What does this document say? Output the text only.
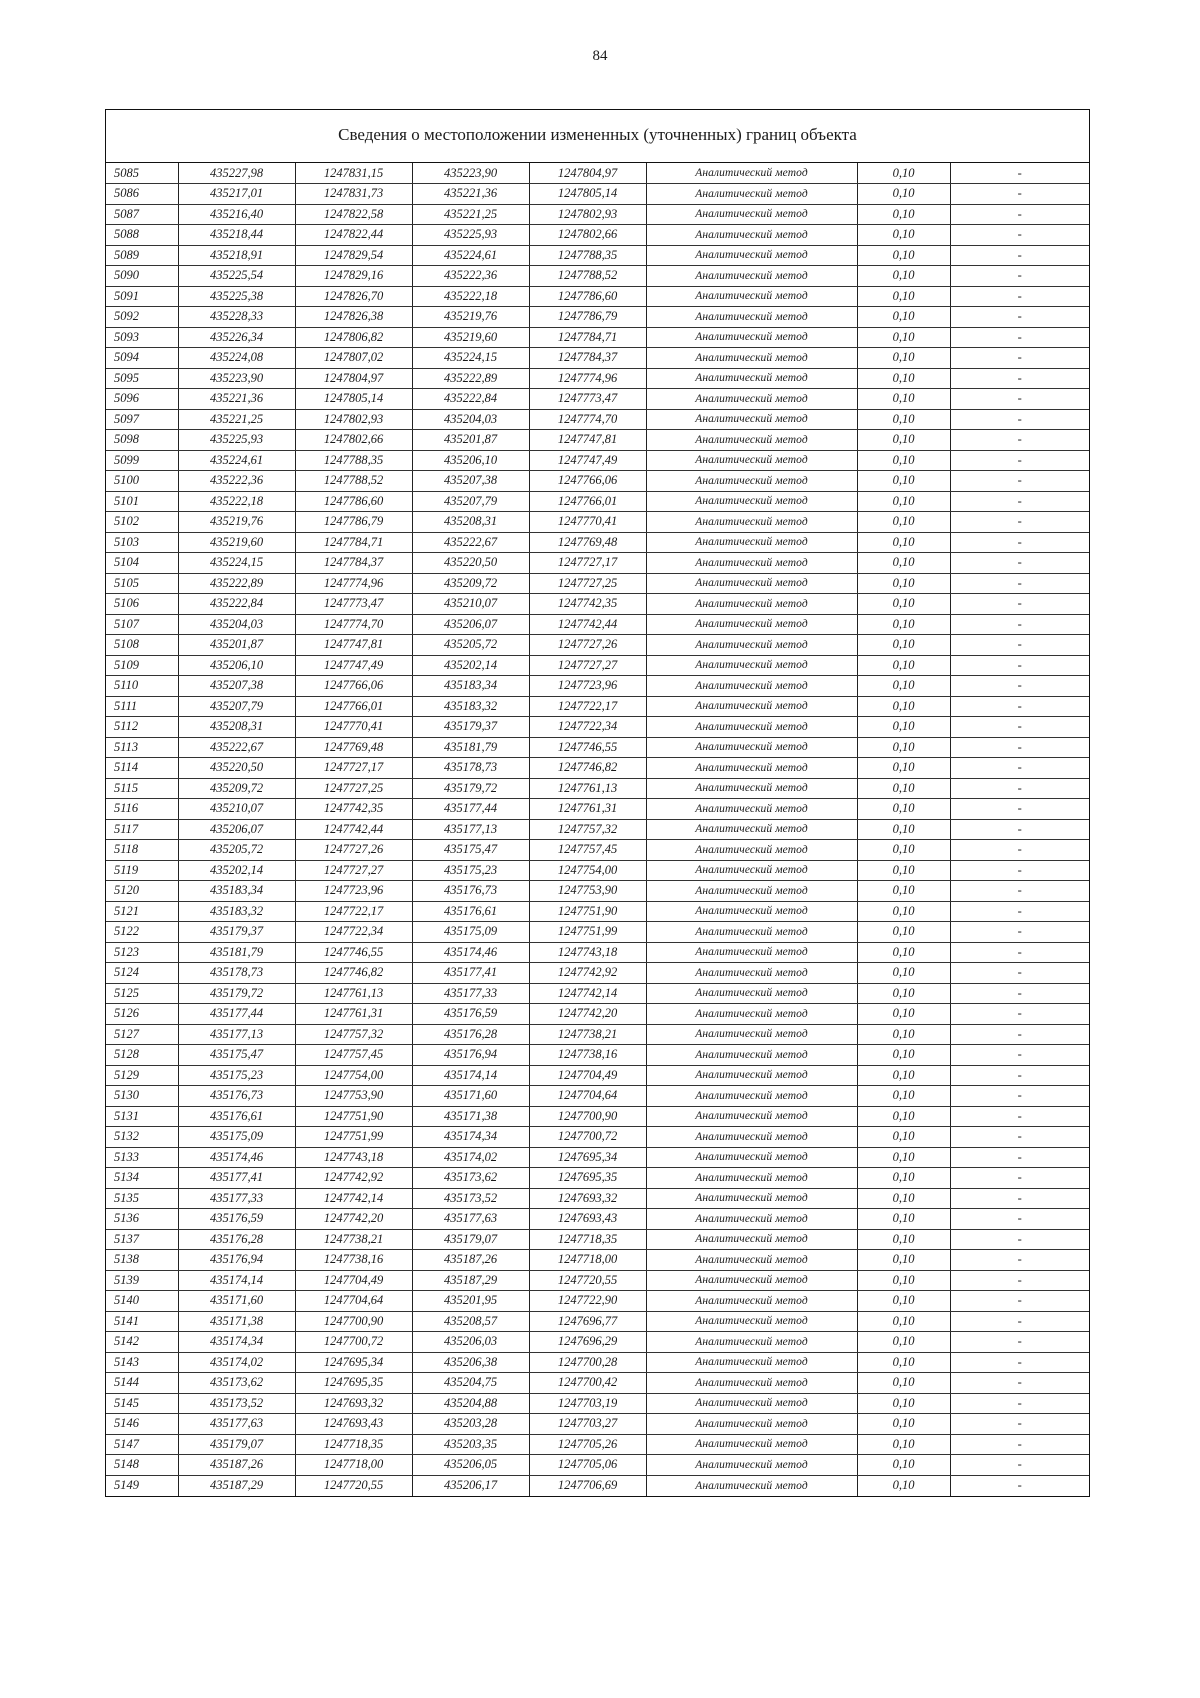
84
Сведения о местоположении измененных (уточненных) границ объекта
5085	435227,98	1247831,15	435223,90	1247804,97	Аналитический метод	0,10	-
5086	435217,01	1247831,73	435221,36	1247805,14	Аналитический метод	0,10	-
5087	435216,40	1247822,58	435221,25	1247802,93	Аналитический метод	0,10	-
5088	435218,44	1247822,44	435225,93	1247802,66	Аналитический метод	0,10	-
5089	435218,91	1247829,54	435224,61	1247788,35	Аналитический метод	0,10	-
5090	435225,54	1247829,16	435222,36	1247788,52	Аналитический метод	0,10	-
5091	435225,38	1247826,70	435222,18	1247786,60	Аналитический метод	0,10	-
5092	435228,33	1247826,38	435219,76	1247786,79	Аналитический метод	0,10	-
5093	435226,34	1247806,82	435219,60	1247784,71	Аналитический метод	0,10	-
5094	435224,08	1247807,02	435224,15	1247784,37	Аналитический метод	0,10	-
5095	435223,90	1247804,97	435222,89	1247774,96	Аналитический метод	0,10	-
5096	435221,36	1247805,14	435222,84	1247773,47	Аналитический метод	0,10	-
5097	435221,25	1247802,93	435204,03	1247774,70	Аналитический метод	0,10	-
5098	435225,93	1247802,66	435201,87	1247747,81	Аналитический метод	0,10	-
5099	435224,61	1247788,35	435206,10	1247747,49	Аналитический метод	0,10	-
5100	435222,36	1247788,52	435207,38	1247766,06	Аналитический метод	0,10	-
5101	435222,18	1247786,60	435207,79	1247766,01	Аналитический метод	0,10	-
5102	435219,76	1247786,79	435208,31	1247770,41	Аналитический метод	0,10	-
5103	435219,60	1247784,71	435222,67	1247769,48	Аналитический метод	0,10	-
5104	435224,15	1247784,37	435220,50	1247727,17	Аналитический метод	0,10	-
5105	435222,89	1247774,96	435209,72	1247727,25	Аналитический метод	0,10	-
5106	435222,84	1247773,47	435210,07	1247742,35	Аналитический метод	0,10	-
5107	435204,03	1247774,70	435206,07	1247742,44	Аналитический метод	0,10	-
5108	435201,87	1247747,81	435205,72	1247727,26	Аналитический метод	0,10	-
5109	435206,10	1247747,49	435202,14	1247727,27	Аналитический метод	0,10	-
5110	435207,38	1247766,06	435183,34	1247723,96	Аналитический метод	0,10	-
5111	435207,79	1247766,01	435183,32	1247722,17	Аналитический метод	0,10	-
5112	435208,31	1247770,41	435179,37	1247722,34	Аналитический метод	0,10	-
5113	435222,67	1247769,48	435181,79	1247746,55	Аналитический метод	0,10	-
5114	435220,50	1247727,17	435178,73	1247746,82	Аналитический метод	0,10	-
5115	435209,72	1247727,25	435179,72	1247761,13	Аналитический метод	0,10	-
5116	435210,07	1247742,35	435177,44	1247761,31	Аналитический метод	0,10	-
5117	435206,07	1247742,44	435177,13	1247757,32	Аналитический метод	0,10	-
5118	435205,72	1247727,26	435175,47	1247757,45	Аналитический метод	0,10	-
5119	435202,14	1247727,27	435175,23	1247754,00	Аналитический метод	0,10	-
5120	435183,34	1247723,96	435176,73	1247753,90	Аналитический метод	0,10	-
5121	435183,32	1247722,17	435176,61	1247751,90	Аналитический метод	0,10	-
5122	435179,37	1247722,34	435175,09	1247751,99	Аналитический метод	0,10	-
5123	435181,79	1247746,55	435174,46	1247743,18	Аналитический метод	0,10	-
5124	435178,73	1247746,82	435177,41	1247742,92	Аналитический метод	0,10	-
5125	435179,72	1247761,13	435177,33	1247742,14	Аналитический метод	0,10	-
5126	435177,44	1247761,31	435176,59	1247742,20	Аналитический метод	0,10	-
5127	435177,13	1247757,32	435176,28	1247738,21	Аналитический метод	0,10	-
5128	435175,47	1247757,45	435176,94	1247738,16	Аналитический метод	0,10	-
5129	435175,23	1247754,00	435174,14	1247704,49	Аналитический метод	0,10	-
5130	435176,73	1247753,90	435171,60	1247704,64	Аналитический метод	0,10	-
5131	435176,61	1247751,90	435171,38	1247700,90	Аналитический метод	0,10	-
5132	435175,09	1247751,99	435174,34	1247700,72	Аналитический метод	0,10	-
5133	435174,46	1247743,18	435174,02	1247695,34	Аналитический метод	0,10	-
5134	435177,41	1247742,92	435173,62	1247695,35	Аналитический метод	0,10	-
5135	435177,33	1247742,14	435173,52	1247693,32	Аналитический метод	0,10	-
5136	435176,59	1247742,20	435177,63	1247693,43	Аналитический метод	0,10	-
5137	435176,28	1247738,21	435179,07	1247718,35	Аналитический метод	0,10	-
5138	435176,94	1247738,16	435187,26	1247718,00	Аналитический метод	0,10	-
5139	435174,14	1247704,49	435187,29	1247720,55	Аналитический метод	0,10	-
5140	435171,60	1247704,64	435201,95	1247722,90	Аналитический метод	0,10	-
5141	435171,38	1247700,90	435208,57	1247696,77	Аналитический метод	0,10	-
5142	435174,34	1247700,72	435206,03	1247696,29	Аналитический метод	0,10	-
5143	435174,02	1247695,34	435206,38	1247700,28	Аналитический метод	0,10	-
5144	435173,62	1247695,35	435204,75	1247700,42	Аналитический метод	0,10	-
5145	435173,52	1247693,32	435204,88	1247703,19	Аналитический метод	0,10	-
5146	435177,63	1247693,43	435203,28	1247703,27	Аналитический метод	0,10	-
5147	435179,07	1247718,35	435203,35	1247705,26	Аналитический метод	0,10	-
5148	435187,26	1247718,00	435206,05	1247705,06	Аналитический метод	0,10	-
5149	435187,29	1247720,55	435206,17	1247706,69	Аналитический метод	0,10	-
